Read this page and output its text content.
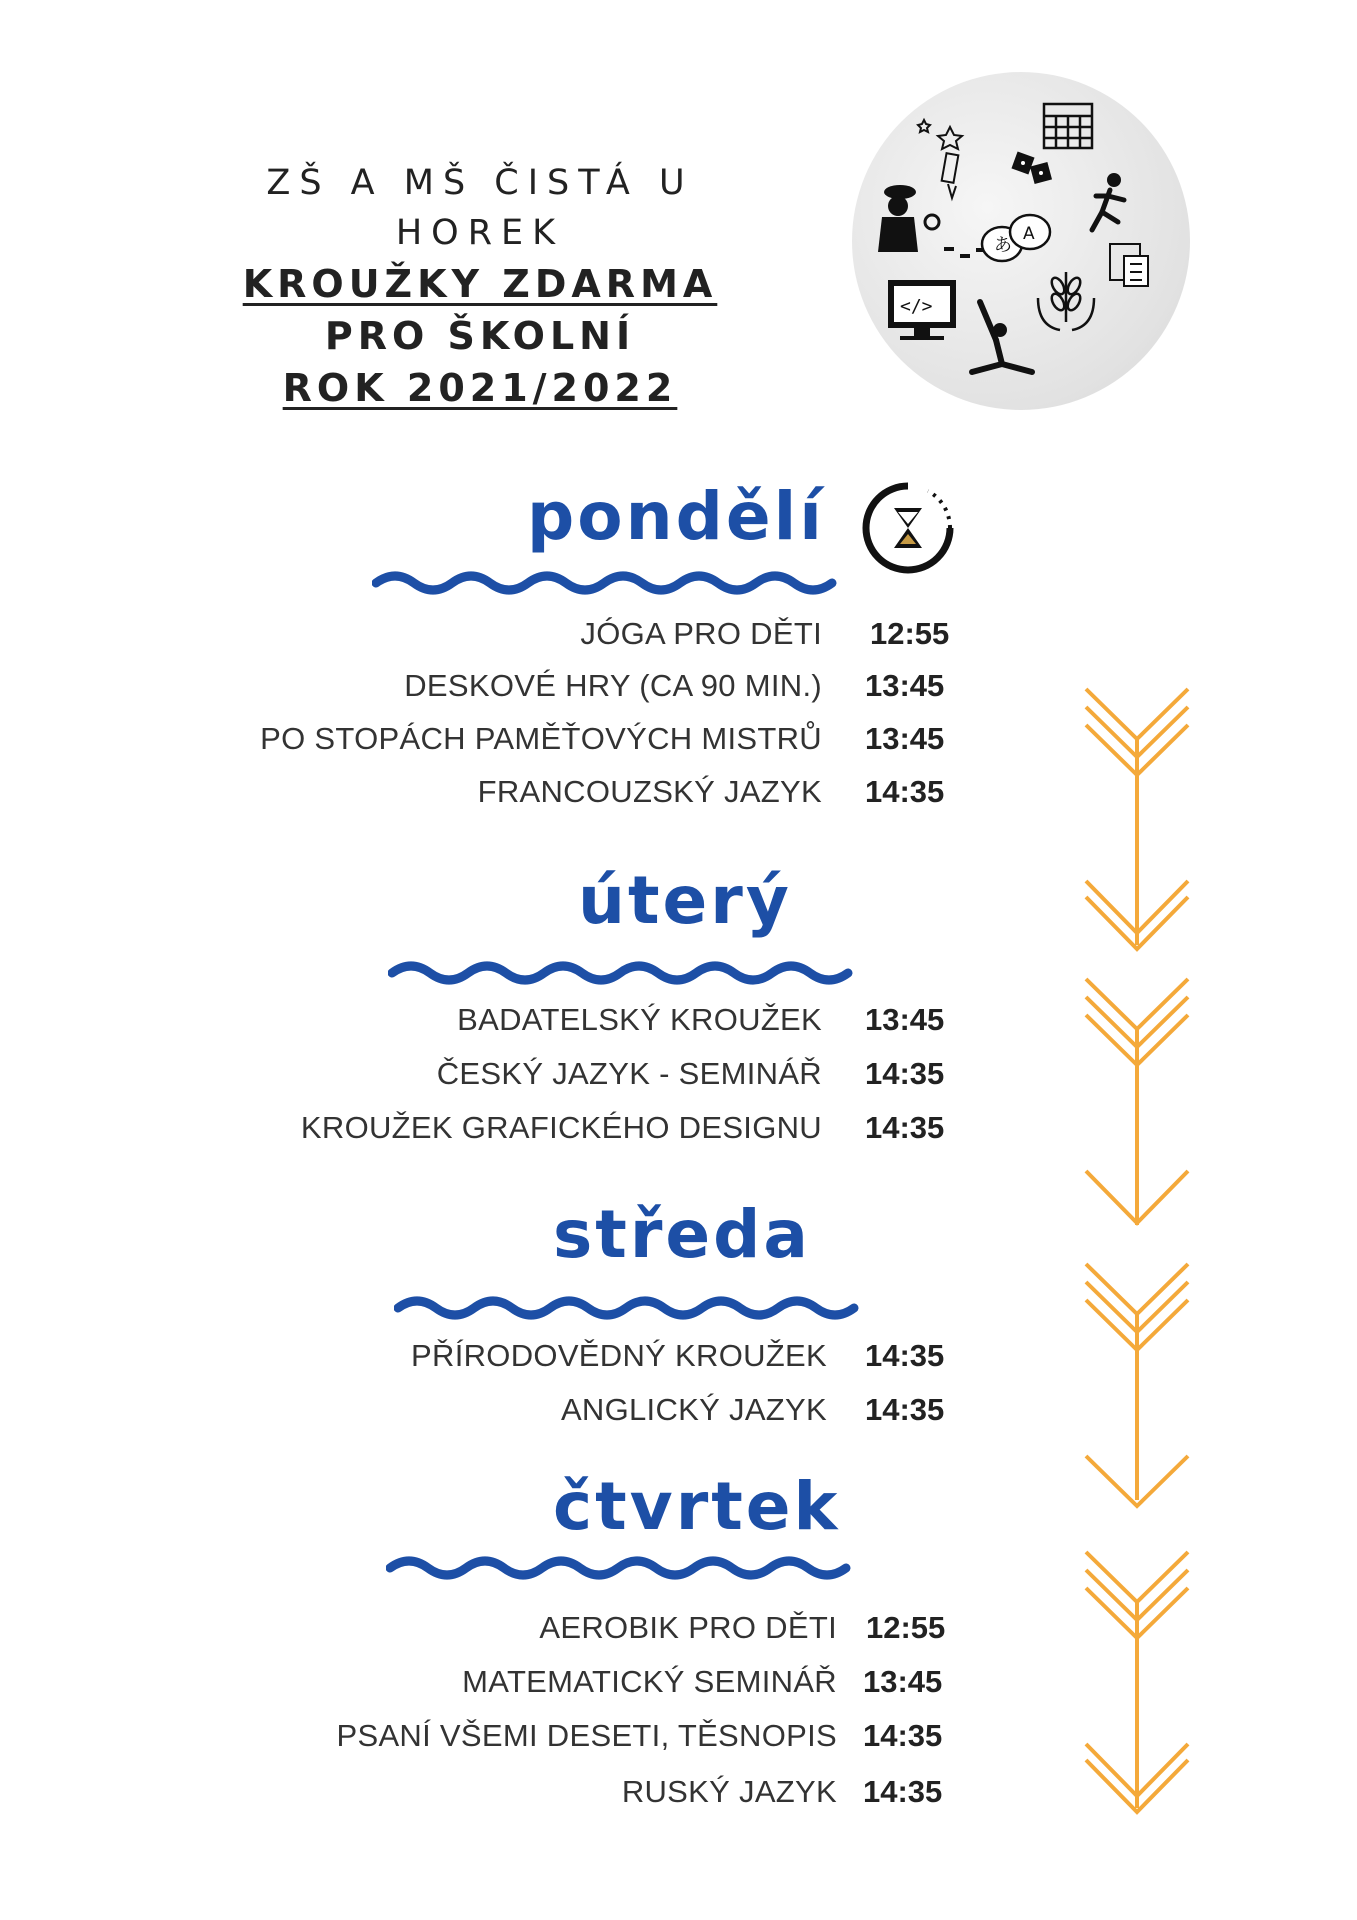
ZŠ A MŠ ČISTÁ U
HOREK
KROUŽKY ZDARMA
PRO ŠKOLNÍ
ROK 2021/2022
あ
A
</>
pondělí
JÓGA PRO DĚTI 12:55
DESKOVÉ HRY (CA 90 MIN.) 13:45
PO STOPÁCH PAMĚŤOVÝCH MISTRŮ 13:45
FRANCOUZSKÝ JAZYK 14:35
úterý
BADATELSKÝ KROUŽEK 13:45
ČESKÝ JAZYK - SEMINÁŘ 14:35
KROUŽEK GRAFICKÉHO DESIGNU 14:35
středa
PŘÍRODOVĚDNÝ KROUŽEK 14:35
ANGLICKÝ JAZYK 14:35
čtvrtek
AEROBIK PRO DĚTI 12:55
MATEMATICKÝ SEMINÁŘ 13:45
PSANÍ VŠEMI DESETI, TĚSNOPIS 14:35
RUSKÝ JAZYK 14:35
